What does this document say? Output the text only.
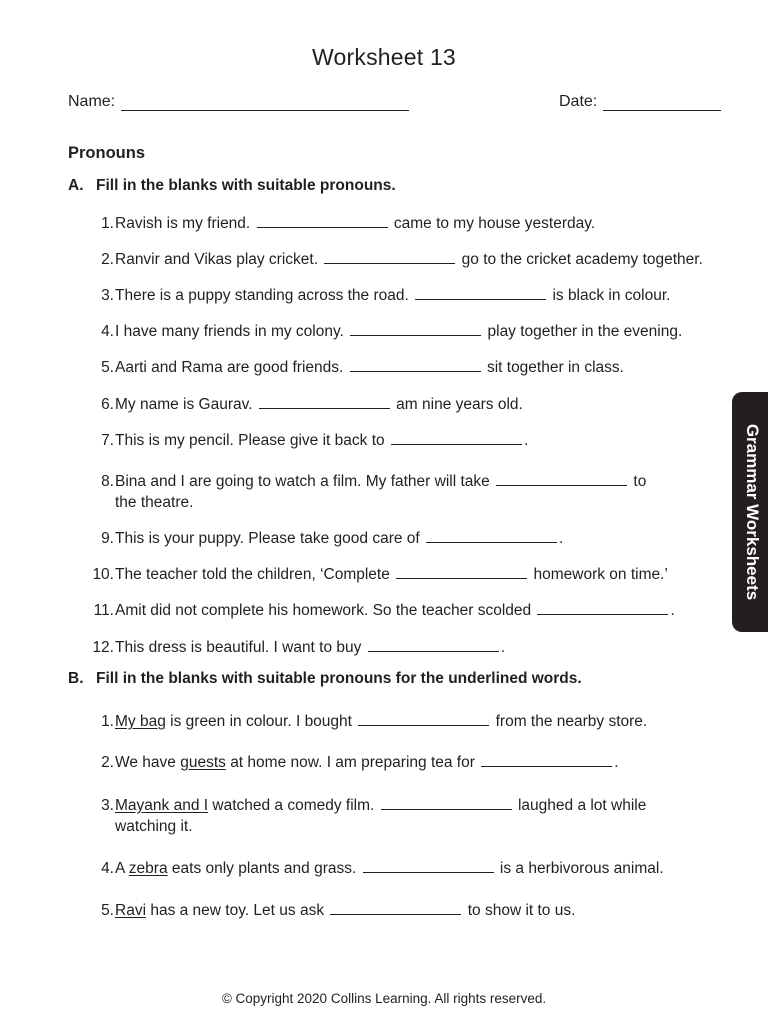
Worksheet 13
Name:	Date:
Pronouns
A. Fill in the blanks with suitable pronouns.
1.Ravish is my friend.	came to my house yesterday.
2.Ranvir and Vikas play cricket.	go to the cricket academy together.
3.There is a puppy standing across the road.	is black in colour.
4.I have many friends in my colony.	play together in the evening.
5.Aarti and Rama are good friends.	sit together in class.
6.My name is Gaurav.	am nine years old.
7.This is my pencil. Please give it back to	.
8.Bina and I are going to watch a film. My father will take	to
the theatre.
9.This is your puppy. Please take good care of	.
10.The teacher told the children, ‘Complete	homework on time.’
11.Amit did not complete his homework. So the teacher scolded	.
12.This dress is beautiful. I want to buy	.
B. Fill in the blanks with suitable pronouns for the underlined words.
1.My bag is green in colour. I bought	from the nearby store.
2.We have guests at home now. I am preparing tea for	.
3.Mayank and I watched a comedy film.	laughed a lot while
watching it.
4.A zebra eats only plants and grass.	is a herbivorous animal.
5.Ravi has a new toy. Let us ask	to show it to us.
Grammar Worksheets
© Copyright 2020 Collins Learning. All rights reserved.
